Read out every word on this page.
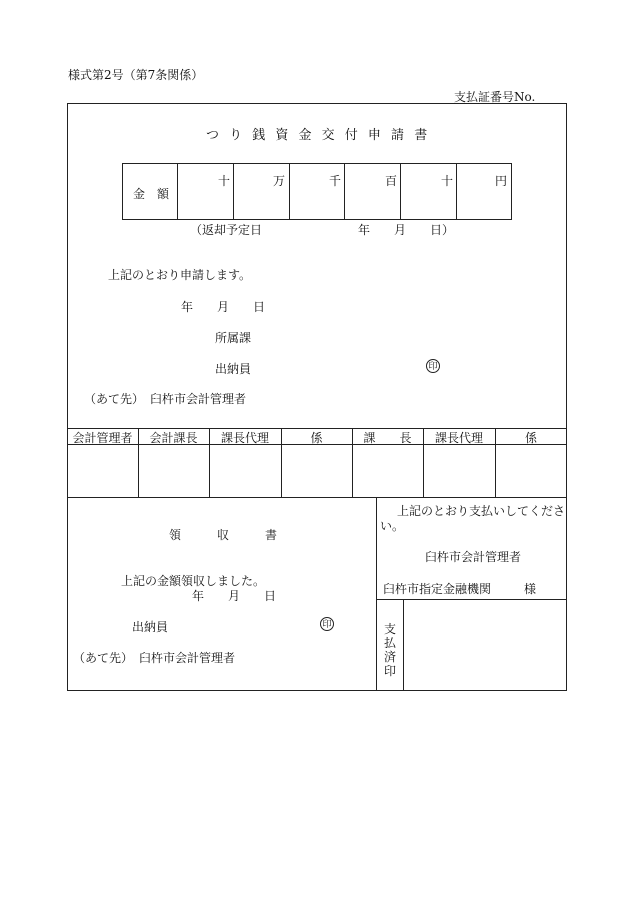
様式第2号（第7条関係）
支払証番号No.
つ り 銭 資 金 交 付 申 請 書
金　額
十	万	千	百	十	円
（返却予定日　　　　　　　　年　　月　　日）
上記のとおり申請します。
年　　月　　日
所属課
出納員	印
（あて先）　臼杵市会計管理者
会計管理者	会計課長	課長代理	係	課　　長	課長代理	係
領　　　収　　　書
上記の金額領収しました。
年　　月　　日
出納員	印
（あて先）　臼杵市会計管理者
上記のとおり支払いしてくださ
い。
臼杵市会計管理者
臼杵市指定金融機関	様
支
払
済
印
